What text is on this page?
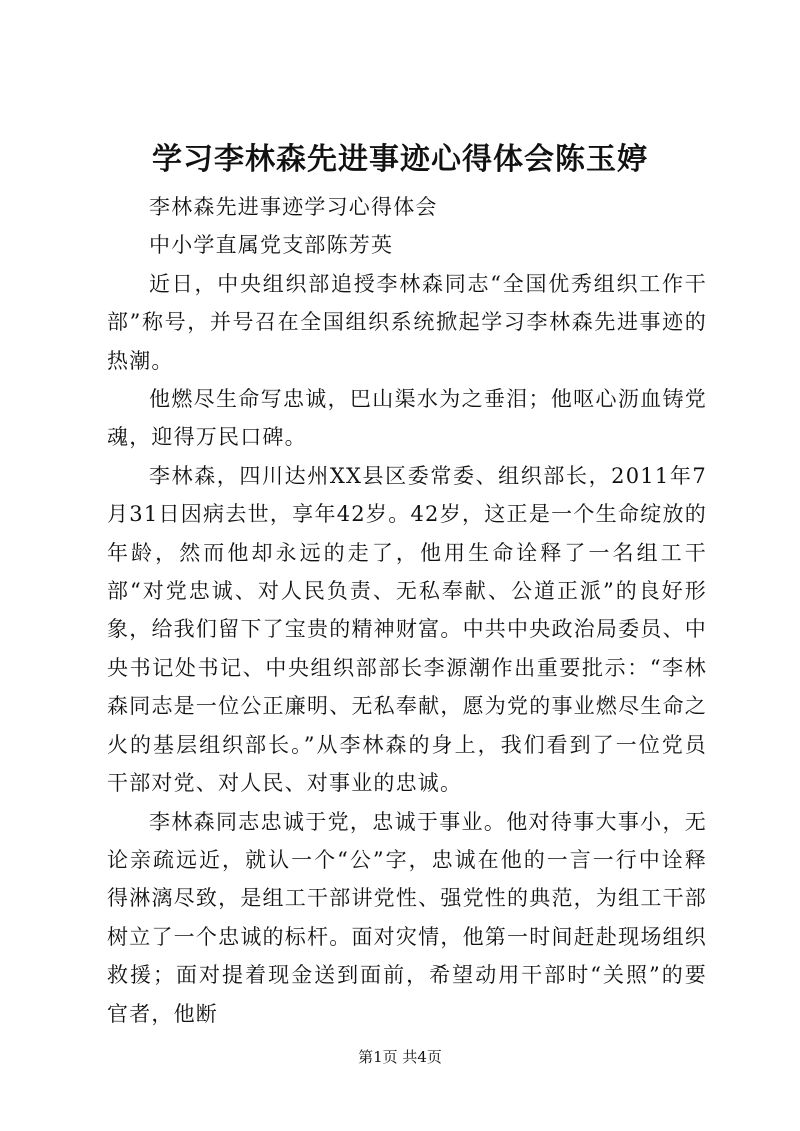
学习李林森先进事迹心得体会陈玉婷

李林森先进事迹学习心得体会

中小学直属党支部陈芳英

近日，中央组织部追授李林森同志“全国优秀组织工作干部”称号，并号召在全国组织系统掀起学习李林森先进事迹的热潮。

他燃尽生命写忠诚，巴山渠水为之垂泪；他呕心沥血铸党魂，迎得万民口碑。

李林森，四川达州XX县区委常委、组织部长，2011年7月31日因病去世，享年42岁。42岁，这正是一个生命绽放的年龄，然而他却永远的走了，他用生命诠释了一名组工干部“对党忠诚、对人民负责、无私奉献、公道正派”的良好形象，给我们留下了宝贵的精神财富。中共中央政治局委员、中央书记处书记、中央组织部部长李源潮作出重要批示：“李林森同志是一位公正廉明、无私奉献，愿为党的事业燃尽生命之火的基层组织部长。”从李林森的身上，我们看到了一位党员干部对党、对人民、对事业的忠诚。

李林森同志忠诚于党，忠诚于事业。他对待事大事小，无论亲疏远近，就认一个“公”字，忠诚在他的一言一行中诠释得淋漓尽致，是组工干部讲党性、强党性的典范，为组工干部树立了一个忠诚的标杆。面对灾情，他第一时间赶赴现场组织救援；面对提着现金送到面前，希望动用干部时“关照”的要官者，他断

第1页 共4页
